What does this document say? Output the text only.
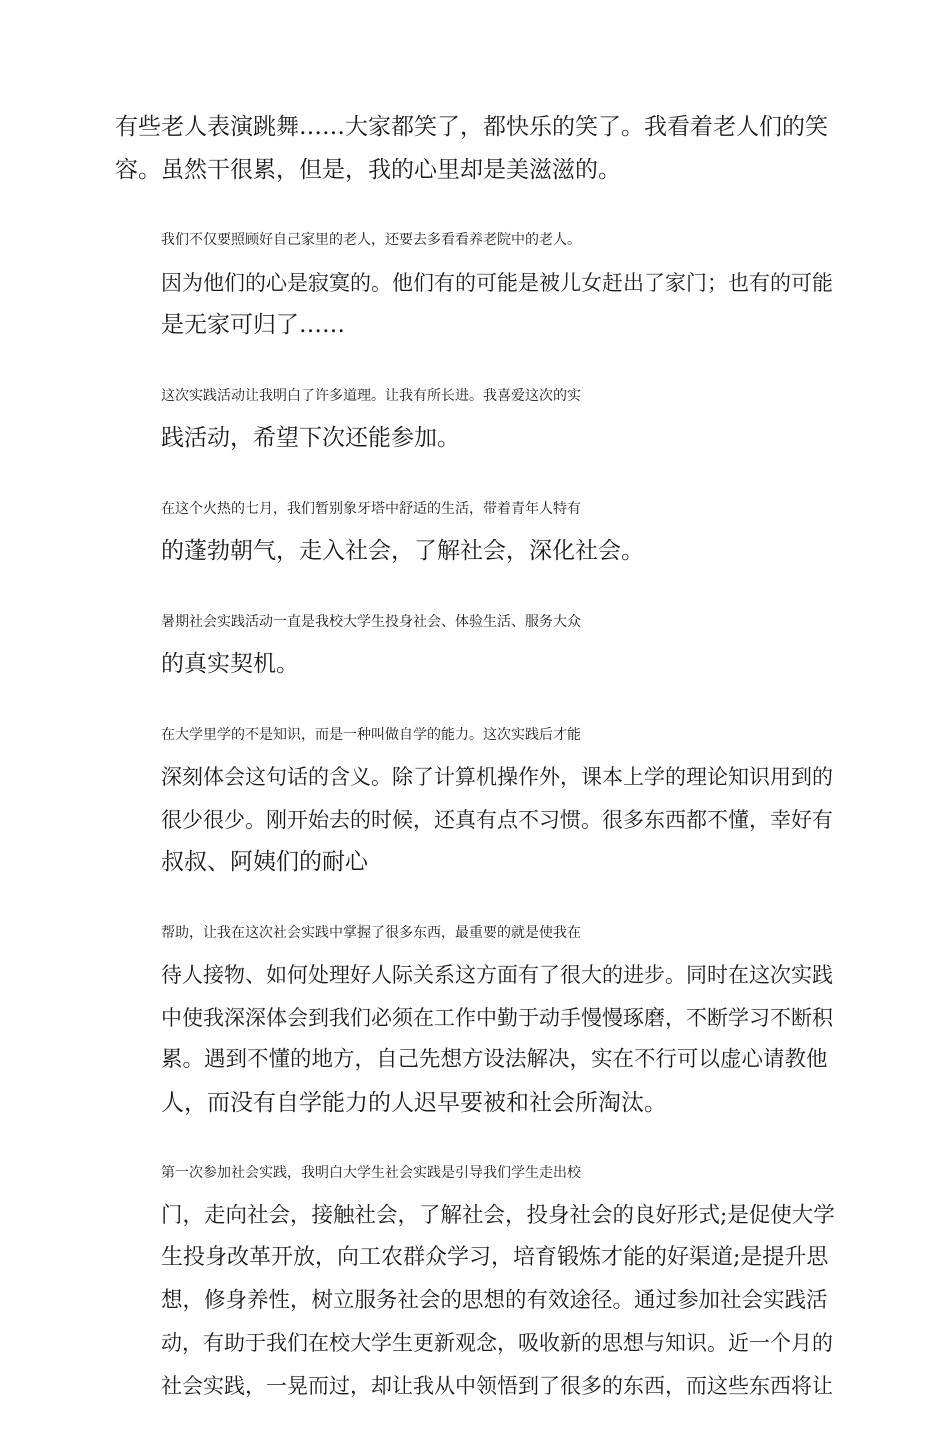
有些老人表演跳舞……大家都笑了，都快乐的笑了。我看着老人们的笑
容。虽然干很累，但是，我的心里却是美滋滋的。

我们不仅要照顾好自己家里的老人，还要去多看看养老院中的老人。
因为他们的心是寂寞的。他们有的可能是被儿女赶出了家门；也有的可能
是无家可归了……

这次实践活动让我明白了许多道理。让我有所长进。我喜爱这次的实
践活动，希望下次还能参加。

在这个火热的七月，我们暂别象牙塔中舒适的生活，带着青年人特有
的蓬勃朝气，走入社会，了解社会，深化社会。

暑期社会实践活动一直是我校大学生投身社会、体验生活、服务大众
的真实契机。

在大学里学的不是知识，而是一种叫做自学的能力。这次实践后才能
深刻体会这句话的含义。除了计算机操作外，课本上学的理论知识用到的
很少很少。刚开始去的时候，还真有点不习惯。很多东西都不懂，幸好有
叔叔、阿姨们的耐心

帮助，让我在这次社会实践中掌握了很多东西，最重要的就是使我在
待人接物、如何处理好人际关系这方面有了很大的进步。同时在这次实践
中使我深深体会到我们必须在工作中勤于动手慢慢琢磨，不断学习不断积
累。遇到不懂的地方，自己先想方设法解决，实在不行可以虚心请教他
人，而没有自学能力的人迟早要被和社会所淘汰。

第一次参加社会实践，我明白大学生社会实践是引导我们学生走出校
门，走向社会，接触社会，了解社会，投身社会的良好形式;是促使大学
生投身改革开放，向工农群众学习，培育锻炼才能的好渠道;是提升思
想，修身养性，树立服务社会的思想的有效途径。通过参加社会实践活
动，有助于我们在校大学生更新观念，吸收新的思想与知识。近一个月的
社会实践，一晃而过，却让我从中领悟到了很多的东西，而这些东西将让
